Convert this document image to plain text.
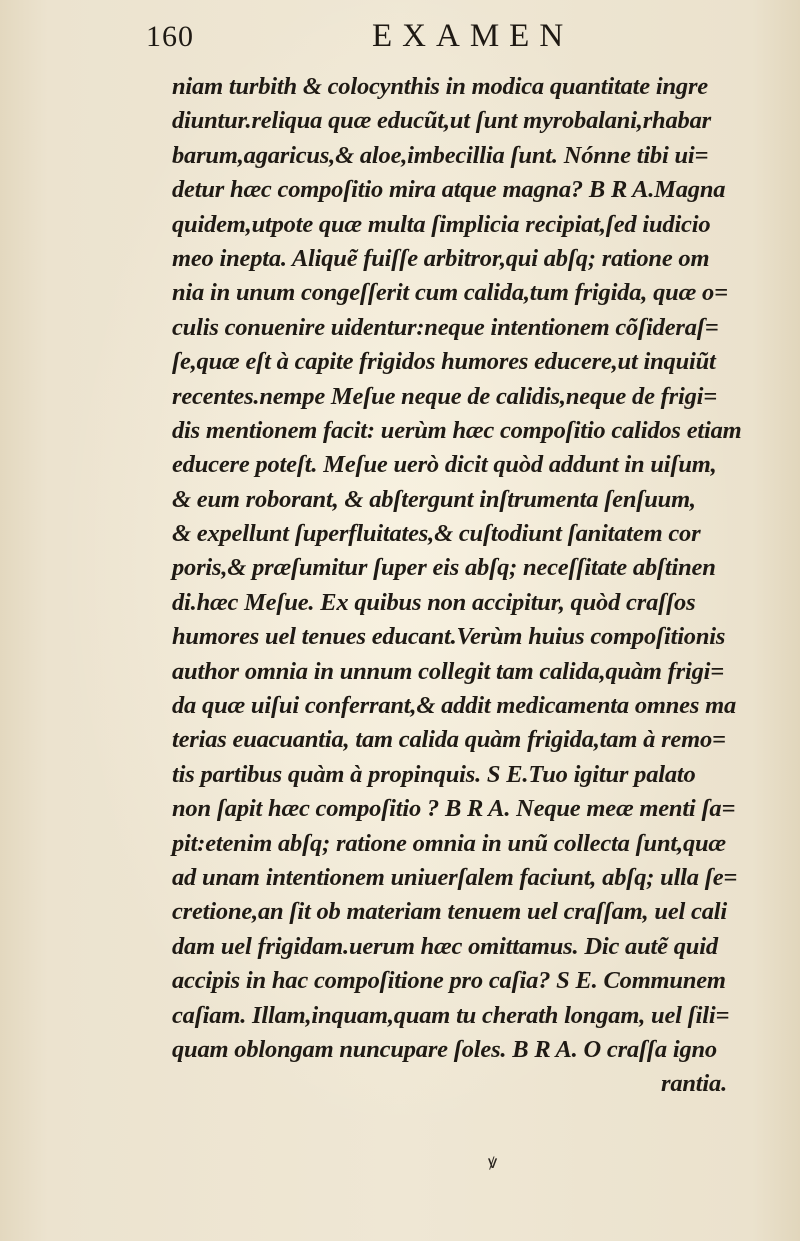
160	EXAMEN
niam turbith & colocynthis in modica quantitate ingre
diuntur.reliqua quæ educũt,ut ſunt myrobalani,rhabar
barum,agaricus,& aloe,imbecillia ſunt. Nónne tibi ui=
detur hæc compoſitio mira atque magna? B R A.Magna
quidem,utpote quæ multa ſimplicia recipiat,ſed iudicio
meo inepta. Aliquẽ fuiſſe arbitror,qui abſq; ratione om
nia in unum congeſſerit cum calida,tum frigida, quæ o=
culis conuenire uidentur:neque intentionem cõſideraſ=
ſe,quæ eſt à capite frigidos humores educere,ut inquiũt
recentes.nempe Meſue neque de calidis,neque de frigi=
dis mentionem facit: uerùm hæc compoſitio calidos etiam
educere poteſt. Meſue uerò dicit quòd addunt in uiſum,
& eum roborant, & abſtergunt inſtrumenta ſenſuum,
& expellunt ſuperfluitates,& cuſtodiunt ſanitatem cor
poris,& præſumitur ſuper eis abſq; neceſſitate abſtinen
di.hæc Meſue. Ex quibus non accipitur, quòd craſſos
humores uel tenues educant.Verùm huius compoſitionis
author omnia in unnum collegit tam calida,quàm frigi=
da quæ uiſui conferrant,& addit medicamenta omnes ma
terias euacuantia, tam calida quàm frigida,tam à remo=
tis partibus quàm à propinquis. S E.Tuo igitur palato
non ſapit hæc compoſitio ? B R A. Neque meæ menti ſa=
pit:etenim abſq; ratione omnia in unũ collecta ſunt,quæ
ad unam intentionem uniuerſalem faciunt, abſq; ulla ſe=
cretione,an ſit ob materiam tenuem uel craſſam, uel cali
dam uel frigidam.uerum hæc omittamus. Dic autẽ quid
accipis in hac compoſitione pro caſia? S E. Communem
caſiam. Illam,inquam,quam tu cherath longam, uel ſili=
quam oblongam nuncupare ſoles. B R A. O craſſa igno
rantia.
ꝟ
